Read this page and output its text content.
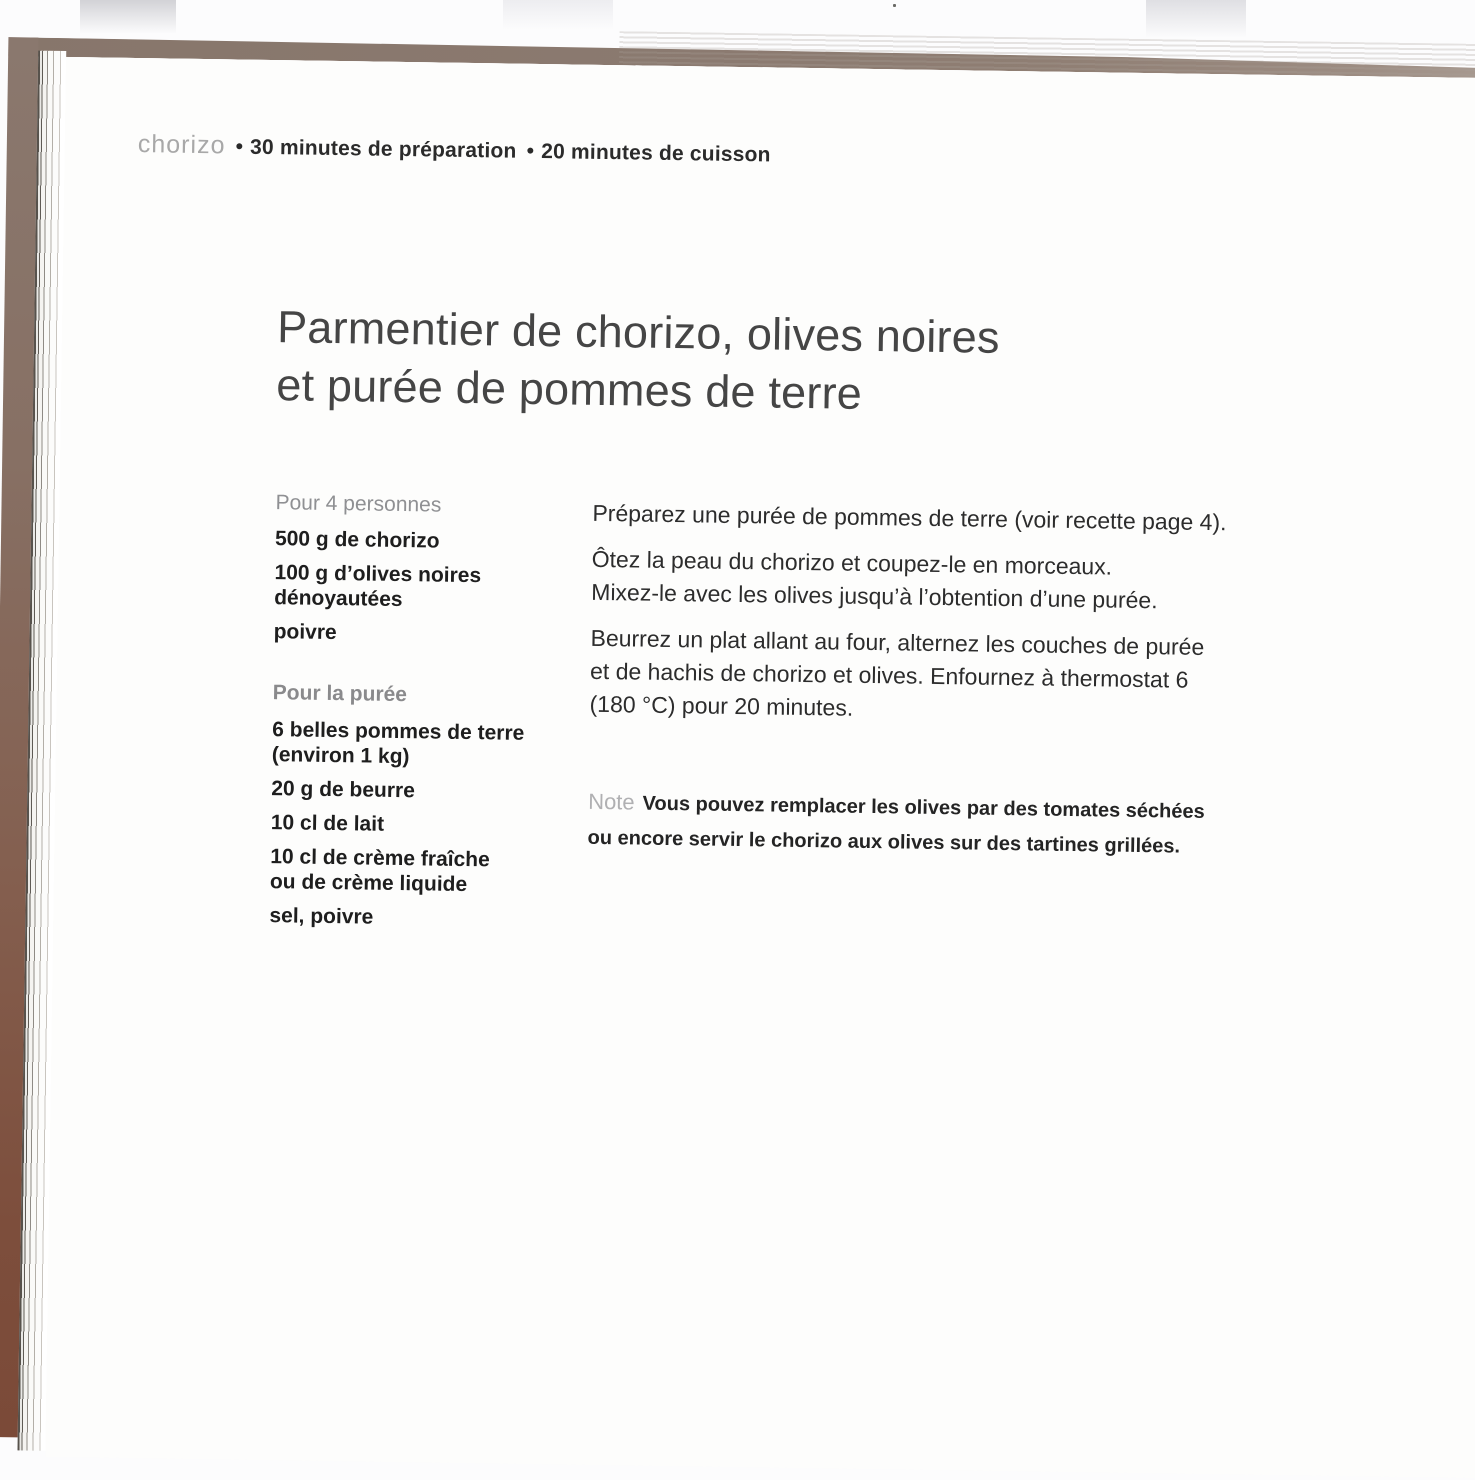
chorizo • 30 minutes de préparation • 20 minutes de cuisson
Parmentier de chorizo, olives noires
et purée de pommes de terre
Pour 4 personnes
500 g de chorizo
100 g d’olives noires
dénoyautées
poivre
Pour la purée
6 belles pommes de terre
(environ 1 kg)
20 g de beurre
10 cl de lait
10 cl de crème fraîche
ou de crème liquide
sel, poivre

Préparez une purée de pommes de terre (voir recette page 4).

Ôtez la peau du chorizo et coupez-le en morceaux.
Mixez-le avec les olives jusqu’à l’obtention d’une purée.

Beurrez un plat allant au four, alternez les couches de purée
et de hachis de chorizo et olives. Enfournez à thermostat 6
(180 °C) pour 20 minutes.

Note Vous pouvez remplacer les olives par des tomates séchées
ou encore servir le chorizo aux olives sur des tartines grillées.
